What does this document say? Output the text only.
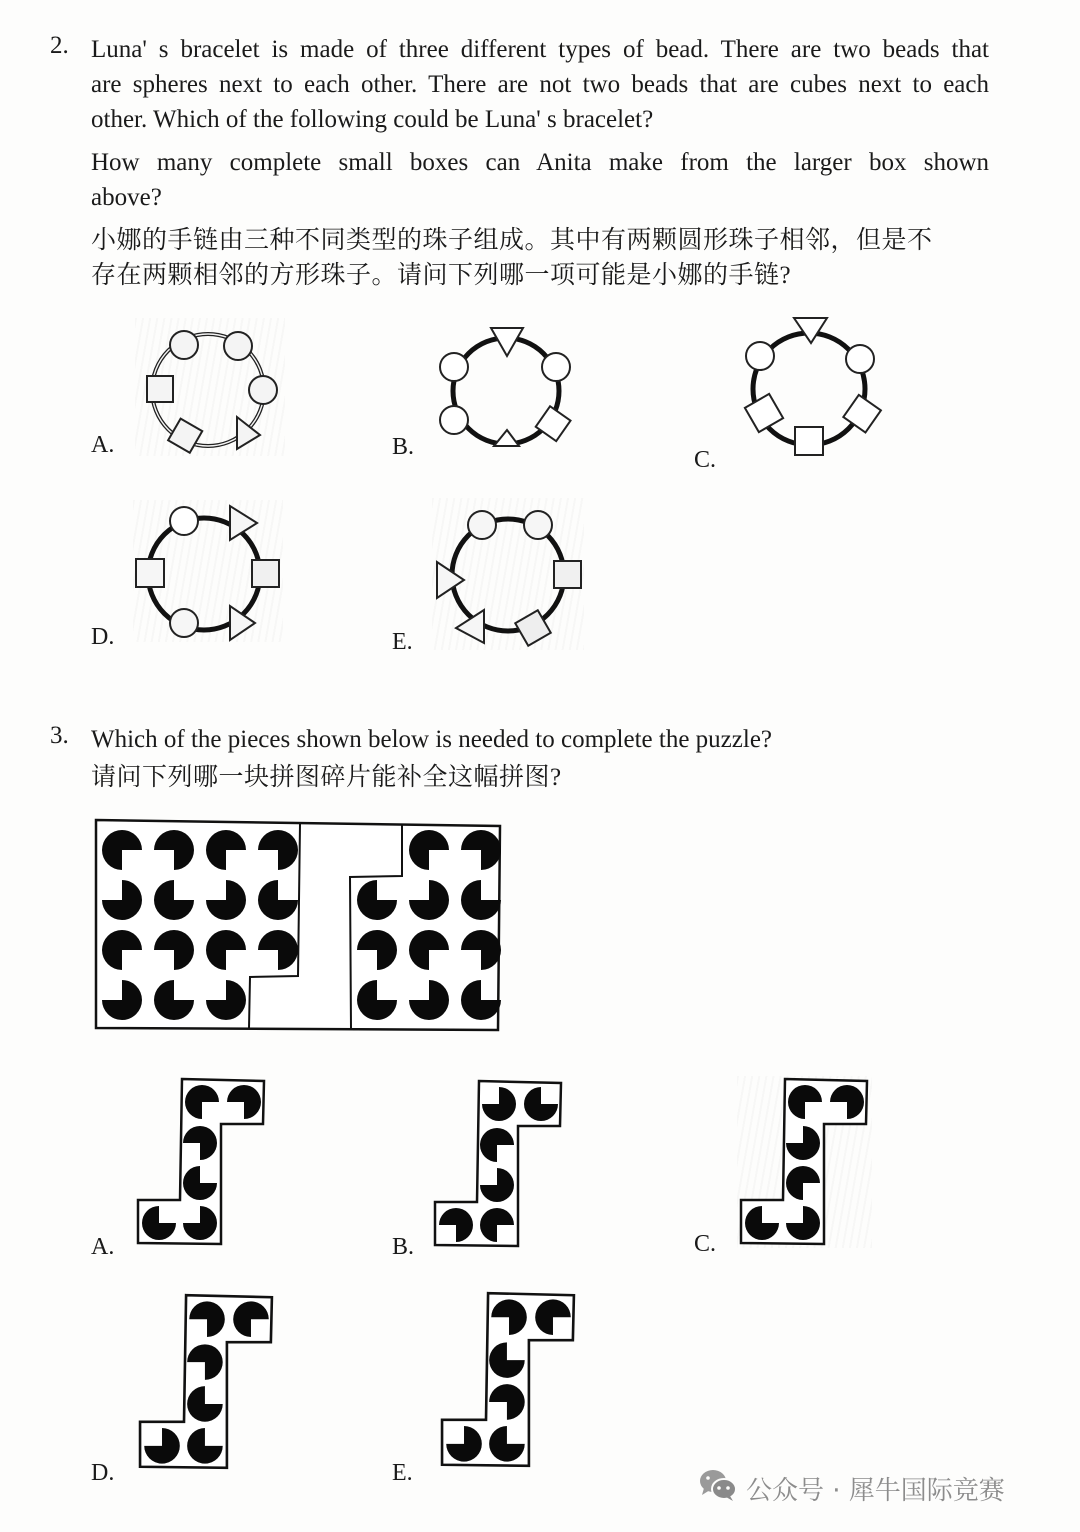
2. Luna' s bracelet is made of three different types of bead. There are two beads that
are spheres next to each other. There are not two beads that are cubes next to each
other. Which of the following could be Luna' s bracelet?
How many complete small boxes can Anita make from the larger box shown
above?
小娜的手链由三种不同类型的珠子组成。其中有两颗圆形珠子相邻，但是不
存在两颗相邻的方形珠子。请问下列哪一项可能是小娜的手链?
A.	B.	C.
D.	E.
3. Which of the pieces shown below is needed to complete the puzzle?
请问下列哪一块拼图碎片能补全这幅拼图?
A.	B.	C.
D.	E.
公众号 · 犀牛国际竞赛
